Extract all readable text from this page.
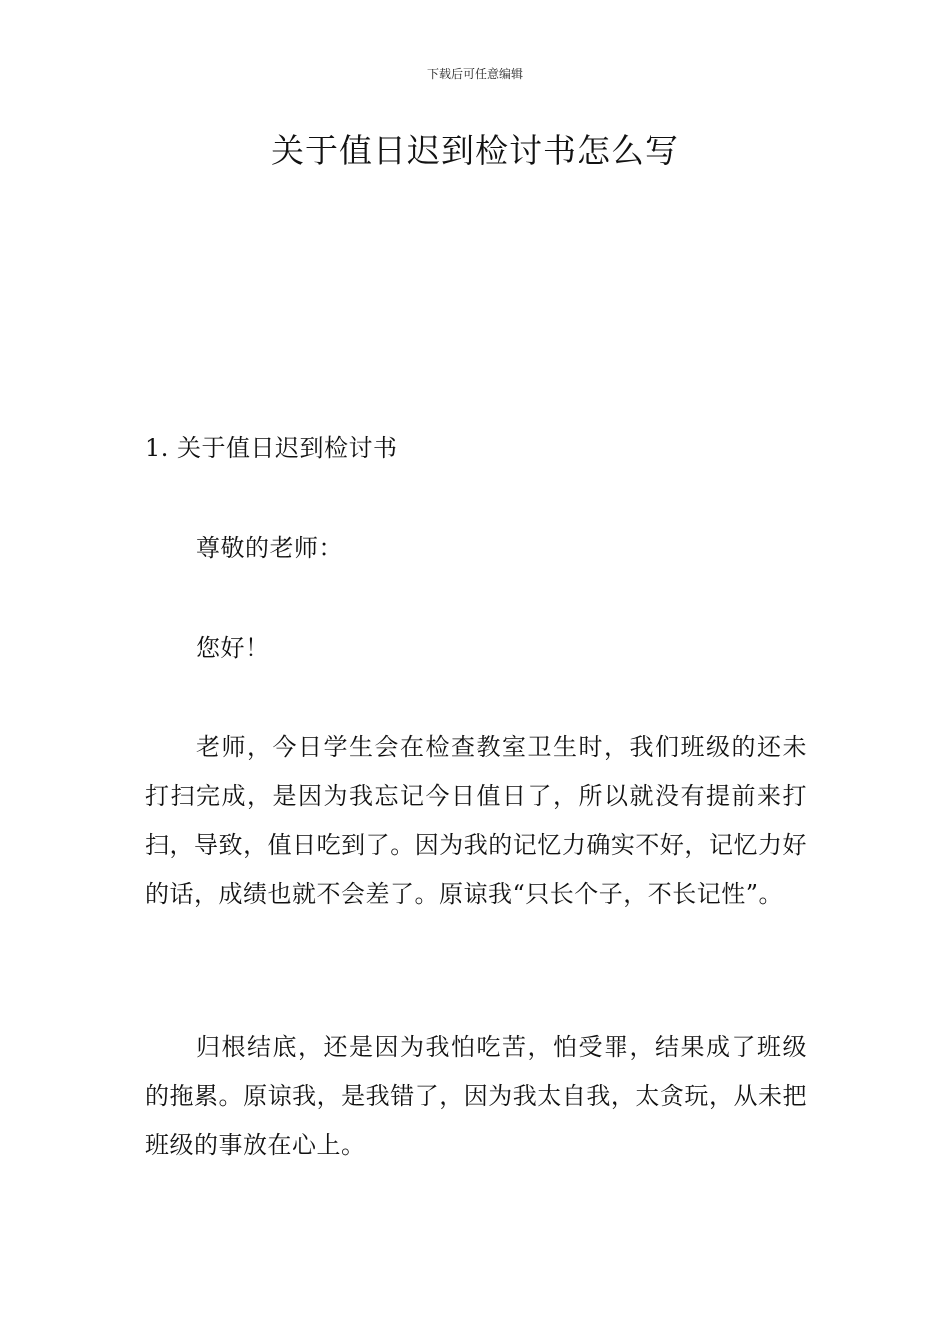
下载后可任意编辑
关于值日迟到检讨书怎么写

1. 关于值日迟到检讨书

尊敬的老师：

您好！

老师，今日学生会在检查教室卫生时，我们班级的还未打扫完成，是因为我忘记今日值日了，所以就没有提前来打扫，导致，值日吃到了。因为我的记忆力确实不好，记忆力好的话，成绩也就不会差了。原谅我“只长个子，不长记性”。

归根结底，还是因为我怕吃苦，怕受罪，结果成了班级的拖累。原谅我，是我错了，因为我太自我，太贪玩，从未把班级的事放在心上。
